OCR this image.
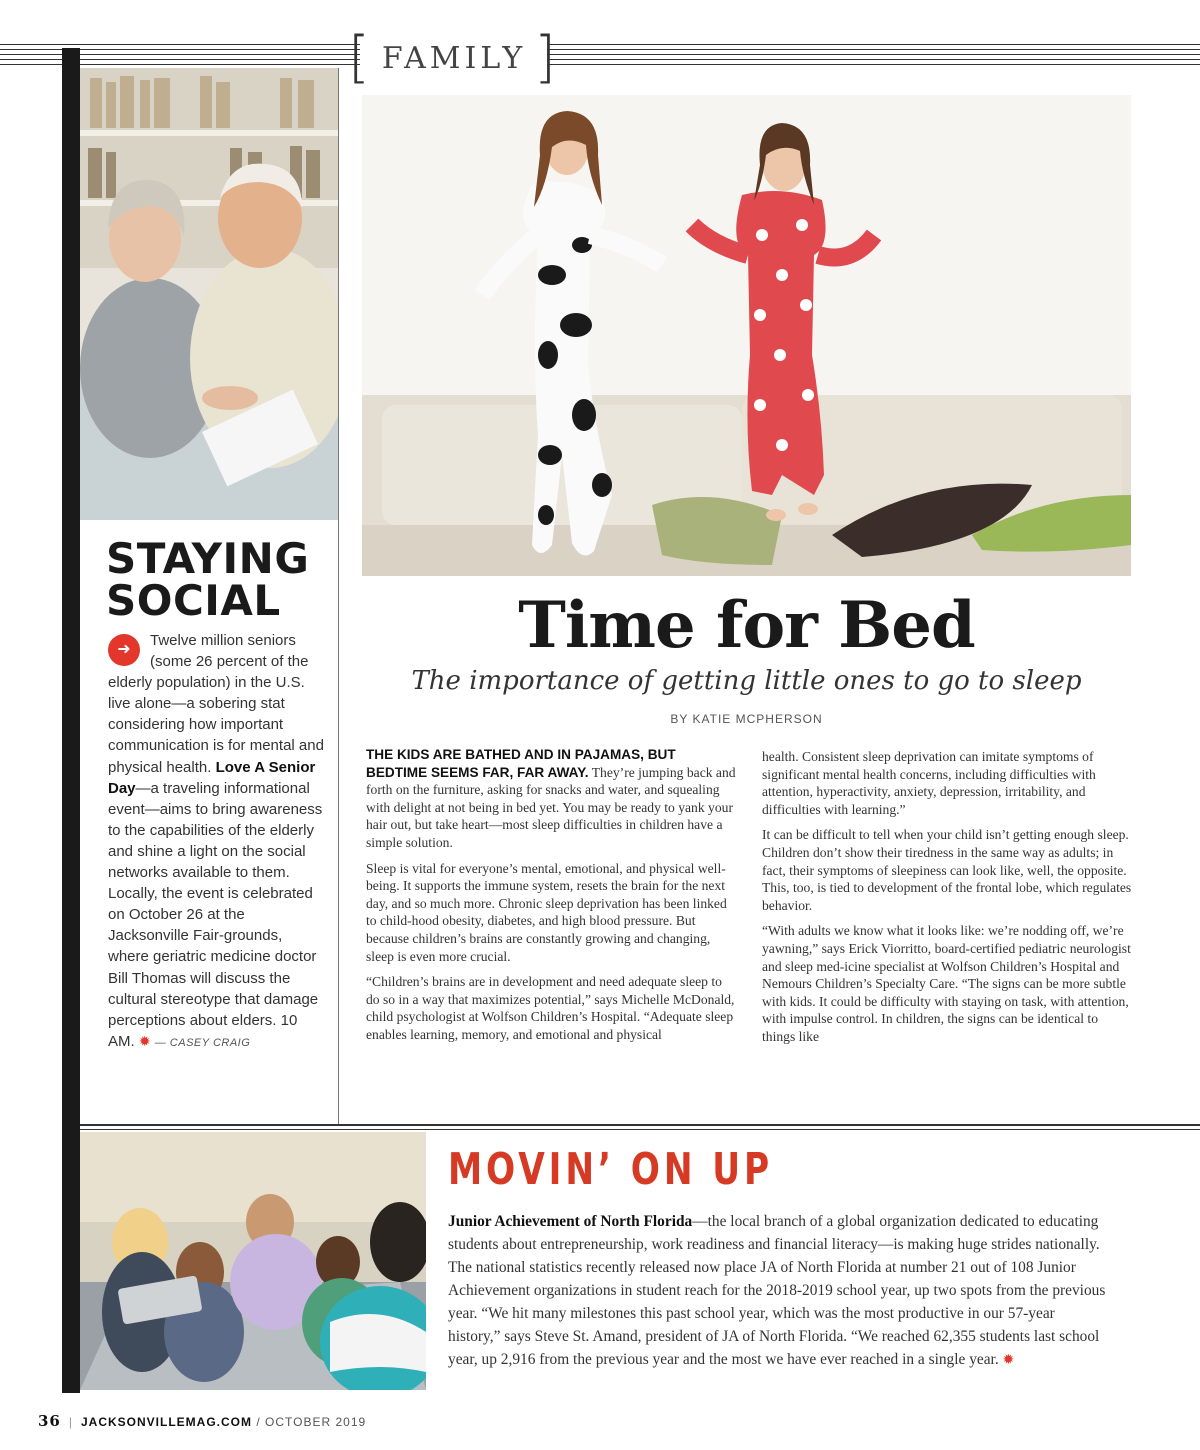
[ FAMILY ]
STAYING
SOCIAL
➜
Twelve million seniors (some 26 percent of the elderly population) in the U.S. live alone—a sobering stat considering how important communication is for mental and physical health. Love A Senior Day—a traveling informational event—aims to bring awareness to the capabilities of the elderly and shine a light on the social networks available to them. Locally, the event is celebrated on October 26 at the Jacksonville Fair-grounds, where geriatric medicine doctor Bill Thomas will discuss the cultural stereotype that damage perceptions about elders. 10 AM. ✹ — CASEY CRAIG
Time for Bed
The importance of getting little ones to go to sleep
BY KATIE MCPHERSON

THE KIDS ARE BATHED AND IN PAJAMAS, BUT BEDTIME SEEMS FAR, FAR AWAY. They’re jumping back and forth on the furniture, asking for snacks and water, and squealing with delight at not being in bed yet. You may be ready to yank your hair out, but take heart—most sleep difficulties in children have a simple solution.

Sleep is vital for everyone’s mental, emotional, and physical well-being. It supports the immune system, resets the brain for the next day, and so much more. Chronic sleep deprivation has been linked to child-hood obesity, diabetes, and high blood pressure. But because children’s brains are constantly growing and changing, sleep is even more crucial.

“Children’s brains are in development and need adequate sleep to do so in a way that maximizes potential,” says Michelle McDonald, child psychologist at Wolfson Children’s Hospital. “Adequate sleep enables learning, memory, and emotional and physical

health. Consistent sleep deprivation can imitate symptoms of significant mental health concerns, including difficulties with attention, hyperactivity, anxiety, depression, irritability, and difficulties with learning.”

It can be difficult to tell when your child isn’t getting enough sleep. Children don’t show their tiredness in the same way as adults; in fact, their symptoms of sleepiness can look like, well, the opposite. This, too, is tied to development of the frontal lobe, which regulates behavior.

“With adults we know what it looks like: we’re nodding off, we’re yawning,” says Erick Viorritto, board-certified pediatric neurologist and sleep med-icine specialist at Wolfson Children’s Hospital and Nemours Children’s Specialty Care. “The signs can be more subtle with kids. It could be difficulty with staying on task, with attention, with impulse control. In children, the signs can be identical to things like

MOVIN’ ON UP
Junior Achievement of North Florida—the local branch of a global organization dedicated to educating students about entrepreneurship, work readiness and financial literacy—is making huge strides nationally. The national statistics recently released now place JA of North Florida at number 21 out of 108 Junior Achievement organizations in student reach for the 2018-2019 school year, up two spots from the previous year. “We hit many milestones this past school year, which was the most productive in our 57-year history,” says Steve St. Amand, president of JA of North Florida. “We reached 62,355 students last school year, up 2,916 from the previous year and the most we have ever reached in a single year. ✹
36 | JACKSONVILLEMAG.COM / OCTOBER 2019
